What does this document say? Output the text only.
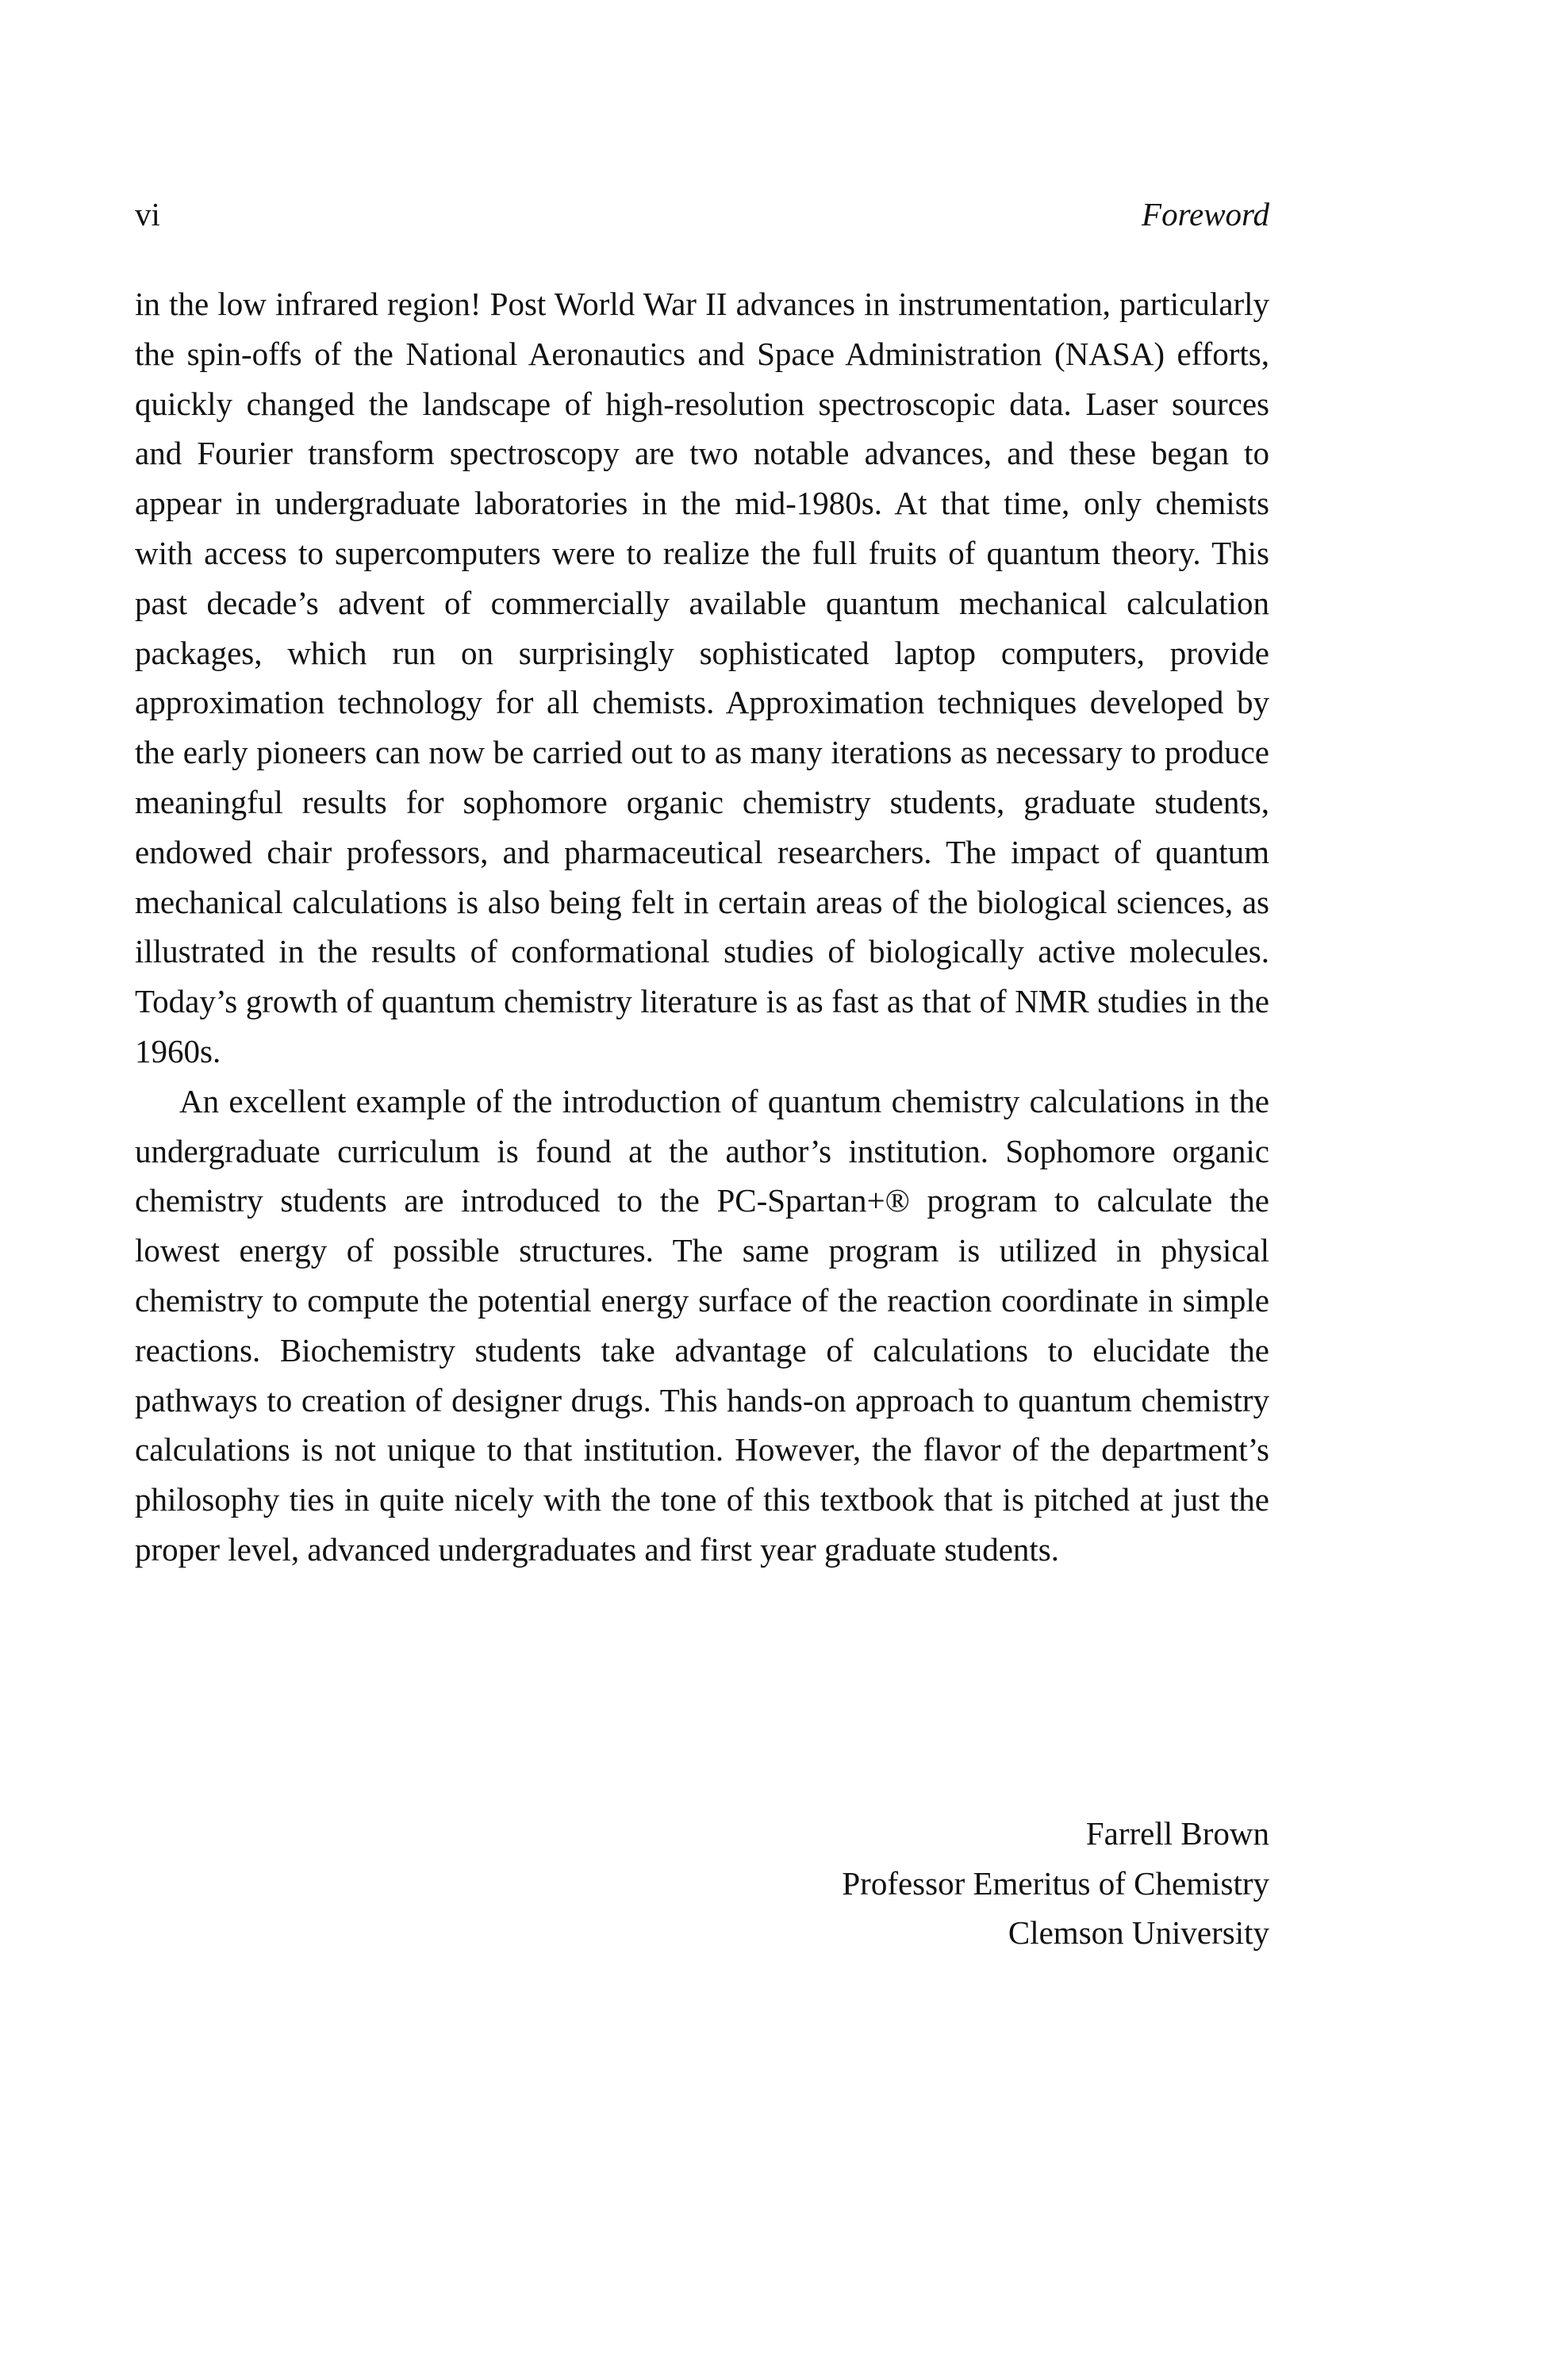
vi	Foreword

in the low infrared region! Post World War II advances in instrumentation, particularly the spin-offs of the National Aeronautics and Space Administration (NASA) efforts, quickly changed the landscape of high-resolution spectroscopic data. Laser sources and Fourier transform spectroscopy are two notable advances, and these began to appear in undergraduate laboratories in the mid-1980s. At that time, only chemists with access to supercomputers were to realize the full fruits of quantum theory. This past decade’s advent of commercially available quantum mechanical calculation packages, which run on surprisingly sophisticated laptop computers, provide approximation technology for all chemists. Approximation techniques developed by the early pioneers can now be carried out to as many iterations as necessary to produce meaningful results for sophomore organic chemistry students, graduate students, endowed chair professors, and pharmaceutical researchers. The impact of quantum mechanical calculations is also being felt in certain areas of the biological sciences, as illustrated in the results of conformational studies of biologically active molecules. Today’s growth of quantum chemistry literature is as fast as that of NMR studies in the 1960s.

An excellent example of the introduction of quantum chemistry calculations in the undergraduate curriculum is found at the author’s institution. Sophomore organic chemistry students are introduced to the PC-Spartan+® program to calculate the lowest energy of possible structures. The same program is utilized in physical chemistry to compute the potential energy surface of the reaction coordinate in simple reactions. Biochemistry students take advantage of calculations to elucidate the pathways to creation of designer drugs. This hands-on approach to quantum chemistry calculations is not unique to that institution. However, the flavor of the department’s philosophy ties in quite nicely with the tone of this textbook that is pitched at just the proper level, advanced undergraduates and first year graduate students.

Farrell Brown
Professor Emeritus of Chemistry
Clemson University
